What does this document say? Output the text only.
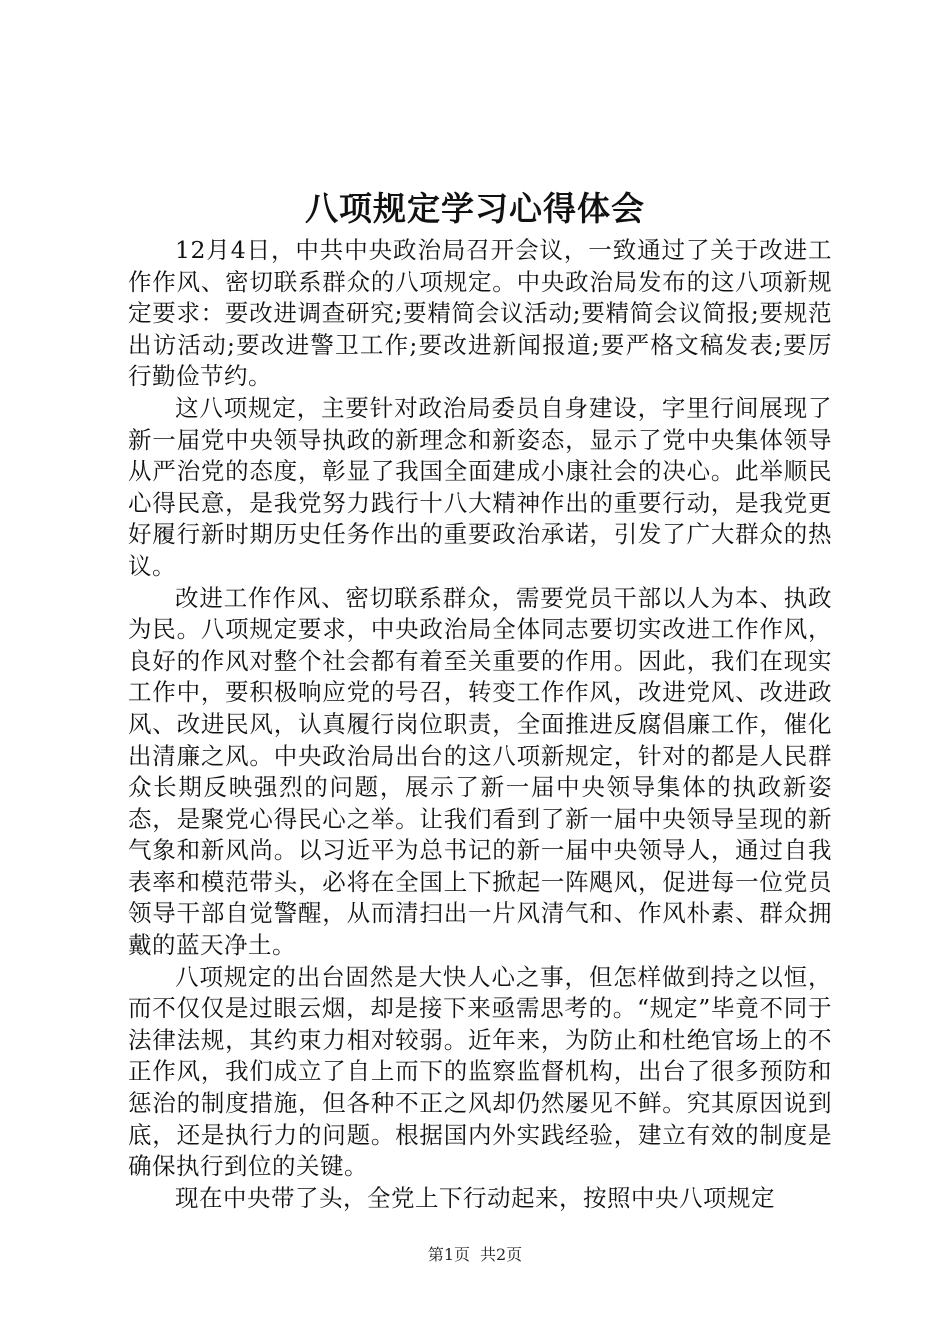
八项规定学习心得体会

12月4日，中共中央政治局召开会议，一致通过了关于改进工作作风、密切联系群众的八项规定。中央政治局发布的这八项新规定要求：要改进调查研究;要精简会议活动;要精简会议简报;要规范出访活动;要改进警卫工作;要改进新闻报道;要严格文稿发表;要厉行勤俭节约。

这八项规定，主要针对政治局委员自身建设，字里行间展现了新一届党中央领导执政的新理念和新姿态，显示了党中央集体领导从严治党的态度，彰显了我国全面建成小康社会的决心。此举顺民心得民意，是我党努力践行十八大精神作出的重要行动，是我党更好履行新时期历史任务作出的重要政治承诺，引发了广大群众的热议。

改进工作作风、密切联系群众，需要党员干部以人为本、执政为民。八项规定要求，中央政治局全体同志要切实改进工作作风，良好的作风对整个社会都有着至关重要的作用。因此，我们在现实工作中，要积极响应党的号召，转变工作作风，改进党风、改进政风、改进民风，认真履行岗位职责，全面推进反腐倡廉工作，催化出清廉之风。中央政治局出台的这八项新规定，针对的都是人民群众长期反映强烈的问题，展示了新一届中央领导集体的执政新姿态，是聚党心得民心之举。让我们看到了新一届中央领导呈现的新气象和新风尚。以习近平为总书记的新一届中央领导人，通过自我表率和模范带头，必将在全国上下掀起一阵飓风，促进每一位党员领导干部自觉警醒，从而清扫出一片风清气和、作风朴素、群众拥戴的蓝天净土。

八项规定的出台固然是大快人心之事，但怎样做到持之以恒，而不仅仅是过眼云烟，却是接下来亟需思考的。“规定”毕竟不同于法律法规，其约束力相对较弱。近年来，为防止和杜绝官场上的不正作风，我们成立了自上而下的监察监督机构，出台了很多预防和惩治的制度措施，但各种不正之风却仍然屡见不鲜。究其原因说到底，还是执行力的问题。根据国内外实践经验，建立有效的制度是确保执行到位的关键。

现在中央带了头，全党上下行动起来，按照中央八项规定

第1页 共2页
